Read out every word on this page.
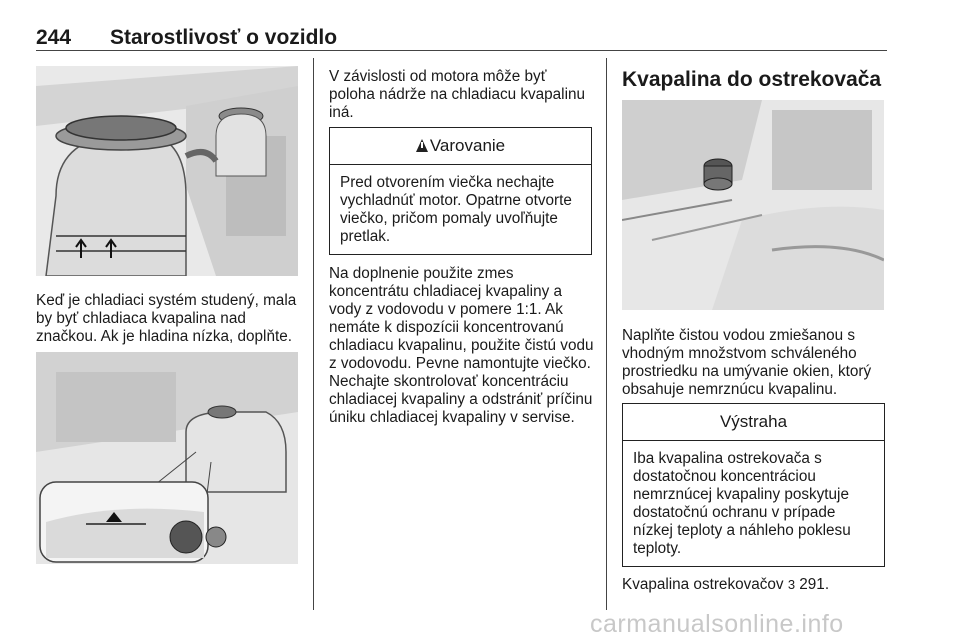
244 Starostlivosť o vozidlo
Keď je chladiaci systém studený, mala by byť chladiaca kvapalina nad značkou. Ak je hladina nízka, doplňte.
V závislosti od motora môže byť poloha nádrže na chladiacu kvapalinu iná.
Varovanie
Pred otvorením viečka nechajte vychladnúť motor. Opatrne otvorte viečko, pričom pomaly uvoľňujte pretlak.
Na doplnenie použite zmes koncentrátu chladiacej kvapaliny a vody z vodovodu v pomere 1:1. Ak nemáte k dispozícii koncentrovanú chladiacu kvapalinu, použite čistú vodu z vodovodu. Pevne namontujte viečko. Nechajte skontrolovať koncentráciu chladiacej kvapaliny a odstrániť príčinu úniku chladiacej kvapaliny v servise.
Kvapalina do ostrekovača
Naplňte čistou vodou zmiešanou s vhodným množstvom schváleného prostriedku na umývanie okien, ktorý obsahuje nemrznúcu kvapalinu.
Výstraha
Iba kvapalina ostrekovača s dostatočnou koncentráciou nemrznúcej kvapaliny poskytuje dostatočnú ochranu v prípade nízkej teploty a náhleho poklesu teploty.
Kvapalina ostrekovačov 3 291.
carmanualsonline.info
